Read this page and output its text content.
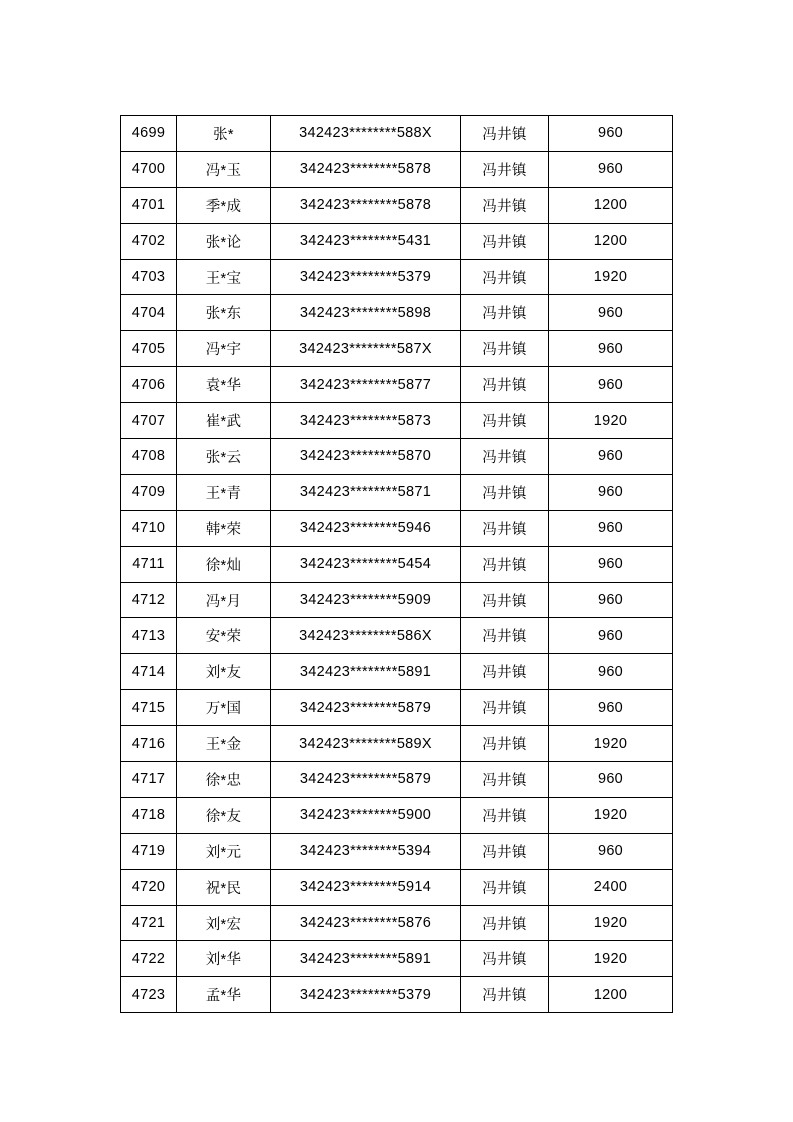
4699	张*	342423********588X	冯井镇	960
4700	冯*玉	342423********5878	冯井镇	960
4701	季*成	342423********5878	冯井镇	1200
4702	张*论	342423********5431	冯井镇	1200
4703	王*宝	342423********5379	冯井镇	1920
4704	张*东	342423********5898	冯井镇	960
4705	冯*宇	342423********587X	冯井镇	960
4706	袁*华	342423********5877	冯井镇	960
4707	崔*武	342423********5873	冯井镇	1920
4708	张*云	342423********5870	冯井镇	960
4709	王*青	342423********5871	冯井镇	960
4710	韩*荣	342423********5946	冯井镇	960
4711	徐*灿	342423********5454	冯井镇	960
4712	冯*月	342423********5909	冯井镇	960
4713	安*荣	342423********586X	冯井镇	960
4714	刘*友	342423********5891	冯井镇	960
4715	万*国	342423********5879	冯井镇	960
4716	王*金	342423********589X	冯井镇	1920
4717	徐*忠	342423********5879	冯井镇	960
4718	徐*友	342423********5900	冯井镇	1920
4719	刘*元	342423********5394	冯井镇	960
4720	祝*民	342423********5914	冯井镇	2400
4721	刘*宏	342423********5876	冯井镇	1920
4722	刘*华	342423********5891	冯井镇	1920
4723	孟*华	342423********5379	冯井镇	1200
